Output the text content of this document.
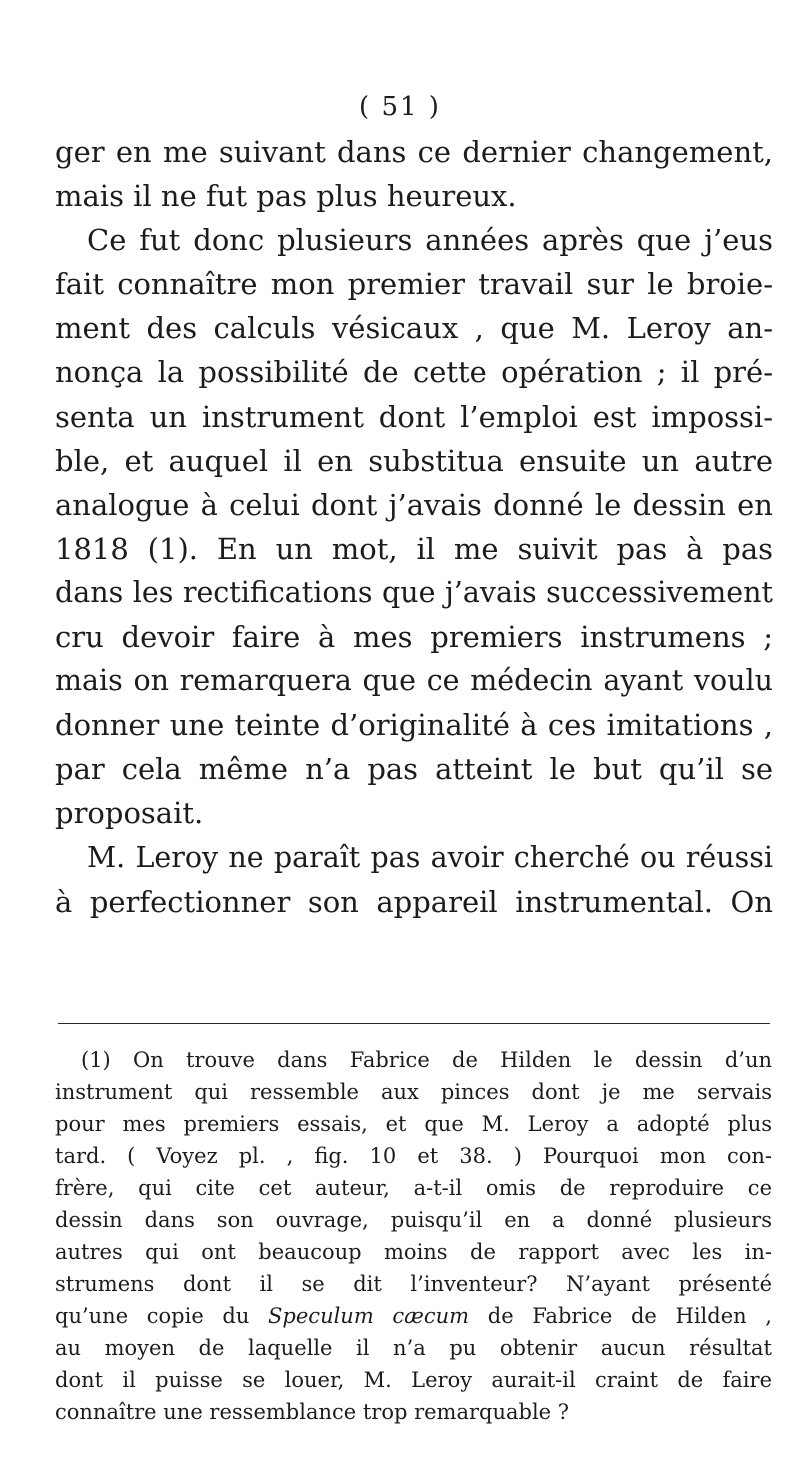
( 51 )
ger en me suivant dans ce dernier changement,
mais il ne fut pas plus heureux.
Ce fut donc plusieurs années après que j’eus
fait connaître mon premier travail sur le broie-
ment des calculs vésicaux , que M. Leroy an-
nonça la possibilité de cette opération ; il pré-
senta un instrument dont l’emploi est impossi-
ble, et auquel il en substitua ensuite un autre
analogue à celui dont j’avais donné le dessin en
1818 (1). En un mot, il me suivit pas à pas
dans les rectifications que j’avais successivement
cru devoir faire à mes premiers instrumens ;
mais on remarquera que ce médecin ayant voulu
donner une teinte d’originalité à ces imitations ,
par cela même n’a pas atteint le but qu’il se
proposait.
M. Leroy ne paraît pas avoir cherché ou réussi
à perfectionner son appareil instrumental. On
(1) On trouve dans Fabrice de Hilden le dessin d’un
instrument qui ressemble aux pinces dont je me servais
pour mes premiers essais, et que M. Leroy a adopté plus
tard. ( Voyez pl. , fig. 10 et 38. ) Pourquoi mon con-
frère, qui cite cet auteur, a-t-il omis de reproduire ce
dessin dans son ouvrage, puisqu’il en a donné plusieurs
autres qui ont beaucoup moins de rapport avec les in-
strumens dont il se dit l’inventeur? N’ayant présenté
qu’une copie du Speculum cæcum de Fabrice de Hilden ,
au moyen de laquelle il n’a pu obtenir aucun résultat
dont il puisse se louer, M. Leroy aurait-il craint de faire
connaître une ressemblance trop remarquable ?
